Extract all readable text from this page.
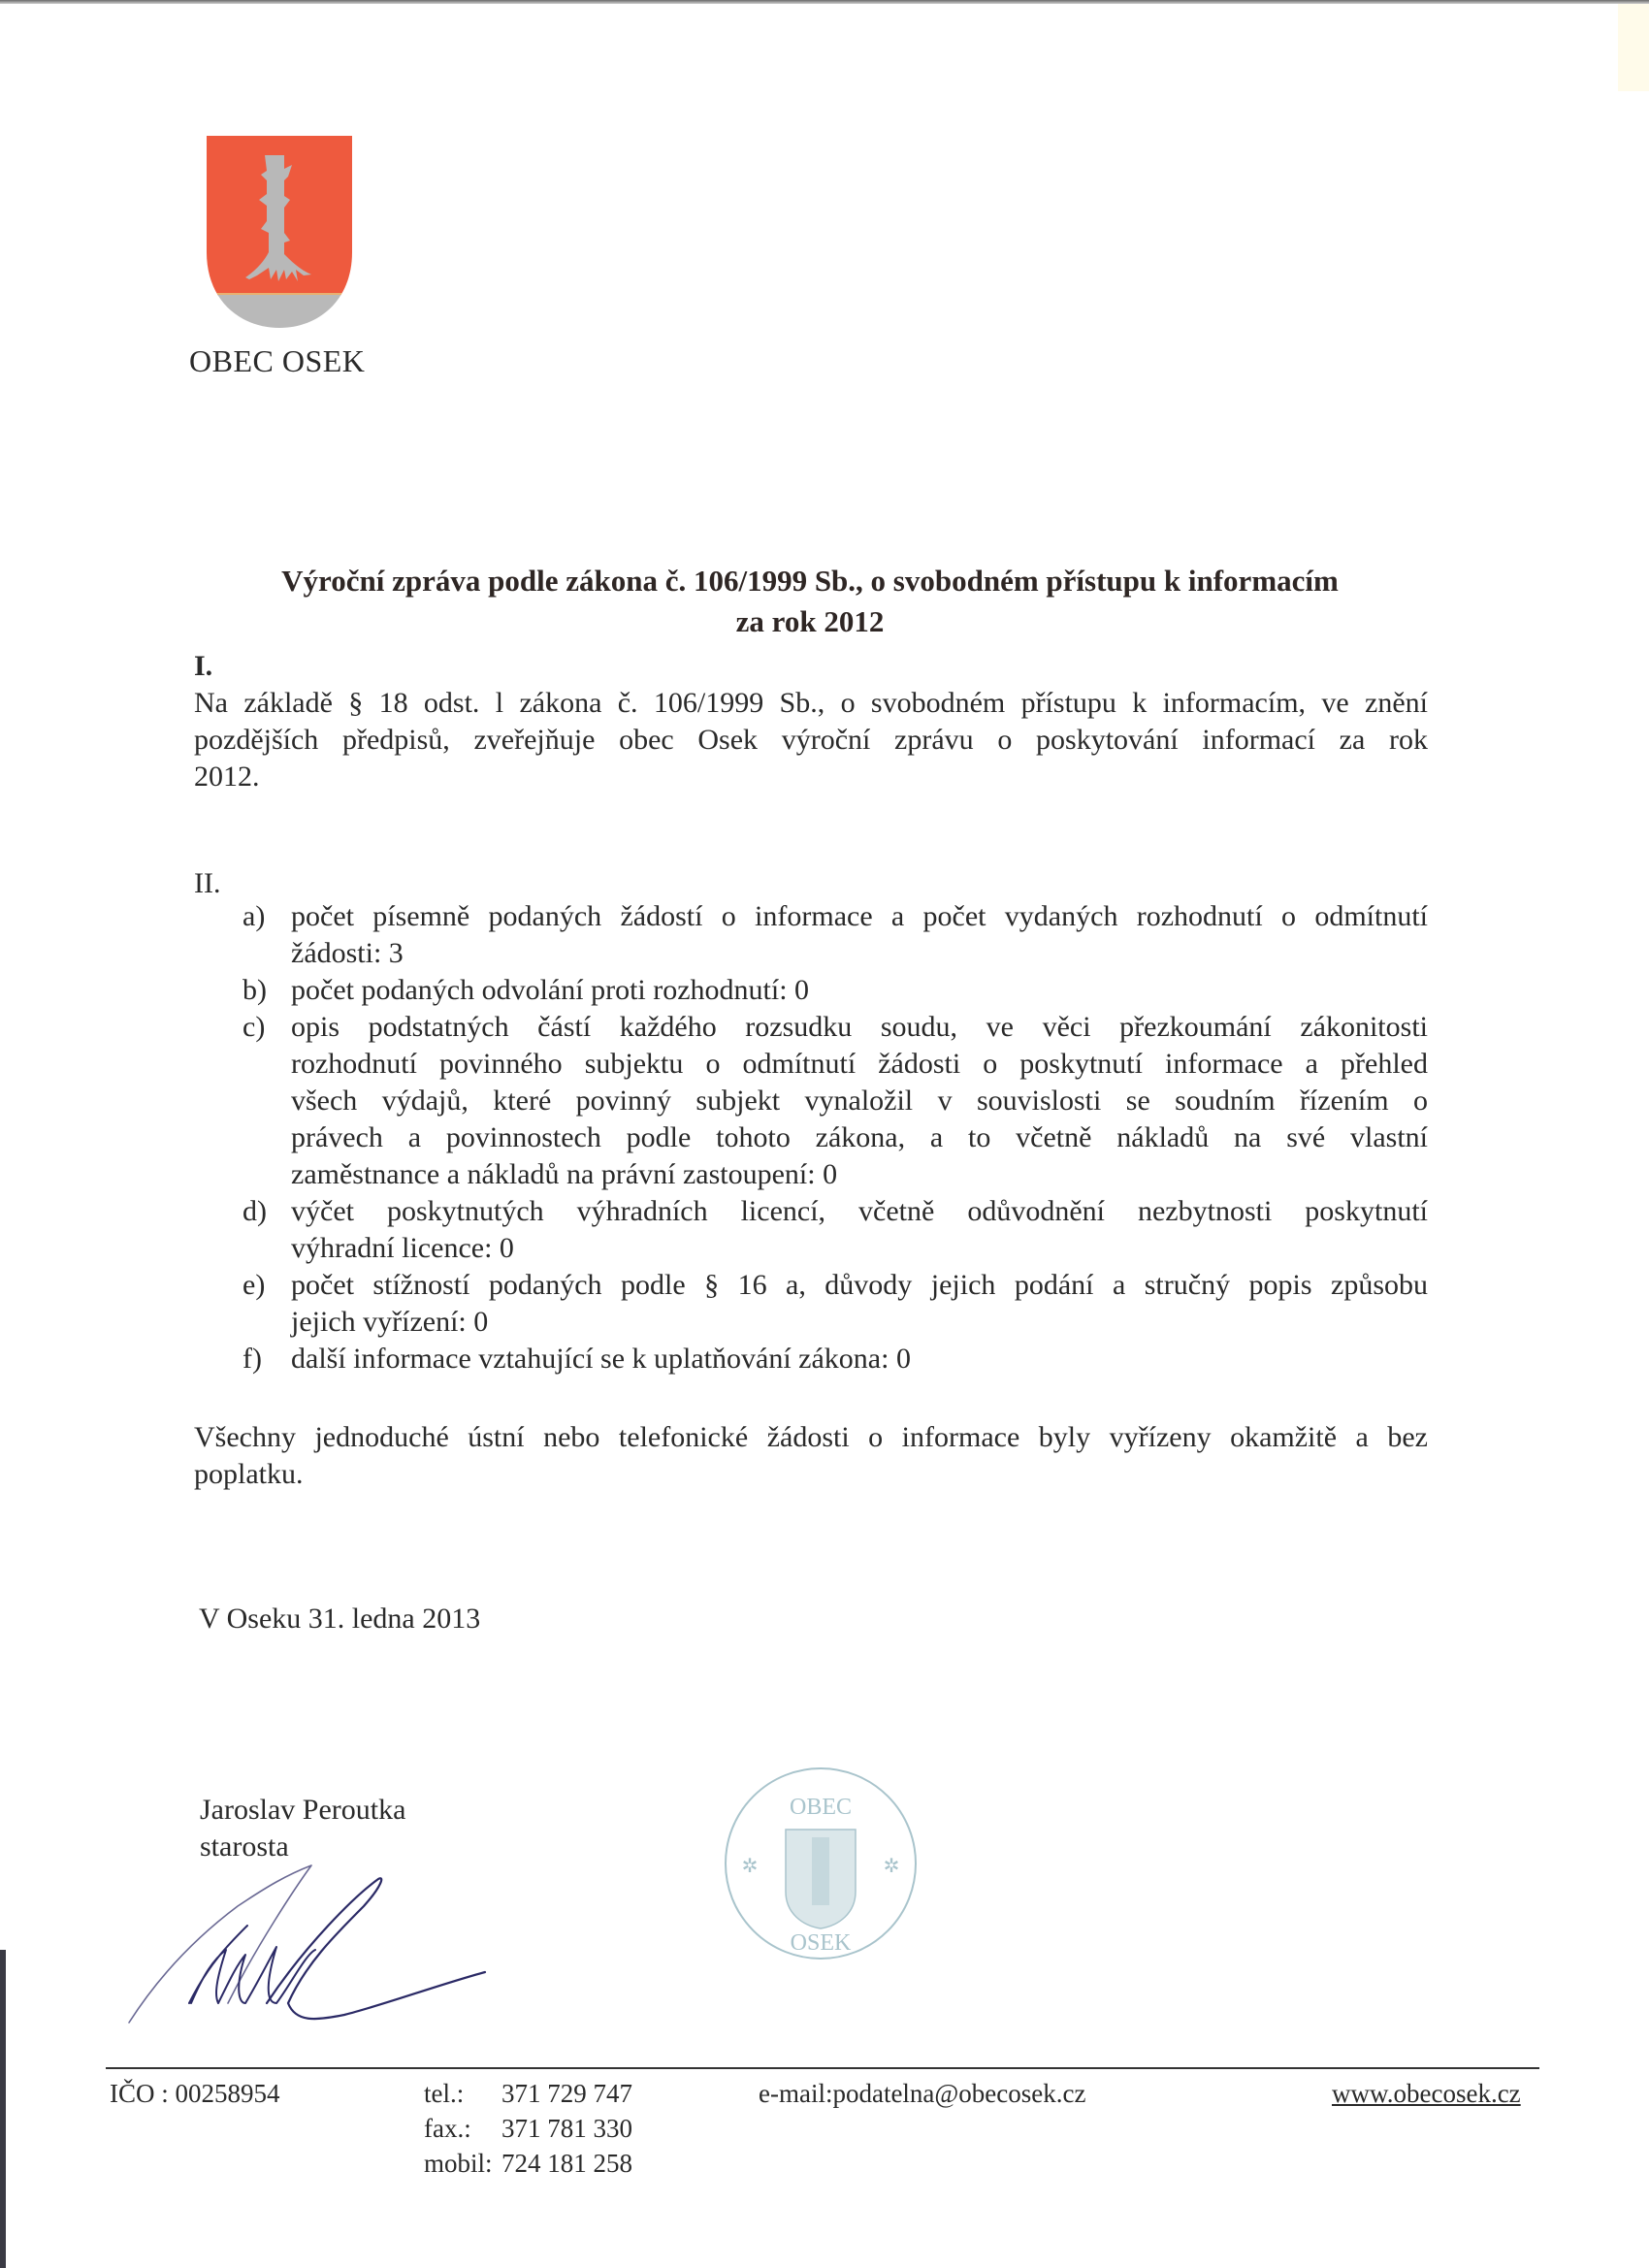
OBEC OSEK
Výroční zpráva podle zákona č. 106/1999 Sb., o svobodném přístupu k informacím
za rok 2012
I.
Na základě § 18 odst. l zákona č. 106/1999 Sb., o svobodném přístupu k informacím, ve znění
pozdějších předpisů, zveřejňuje obec Osek výroční zprávu o poskytování informací za rok
2012.
II.
a) počet písemně podaných žádostí o informace a počet vydaných rozhodnutí o odmítnutí
žádosti: 3
b) počet podaných odvolání proti rozhodnutí: 0
c) opis podstatných částí každého rozsudku soudu, ve věci přezkoumání zákonitosti
rozhodnutí povinného subjektu o odmítnutí žádosti o poskytnutí informace a přehled
všech výdajů, které povinný subjekt vynaložil v souvislosti se soudním řízením o
právech a povinnostech podle tohoto zákona, a to včetně nákladů na své vlastní
zaměstnance a nákladů na právní zastoupení: 0
d) výčet poskytnutých výhradních licencí, včetně odůvodnění nezbytnosti poskytnutí
výhradní licence: 0
e) počet stížností podaných podle § 16 a, důvody jejich podání a stručný popis způsobu
jejich vyřízení: 0
f) další informace vztahující se k uplatňování zákona: 0
Všechny jednoduché ústní nebo telefonické žádosti o informace byly vyřízeny okamžitě a bez
poplatku.
V Oseku 31. ledna 2013
Jaroslav Peroutka
starosta
OBEC
OSEK
✲	✲
IČO : 00258954	tel.:	371 729 747
fax.:	371 781 330
mobil: 724 181 258
e-mail:podatelna@obecosek.cz	www.obecosek.cz
